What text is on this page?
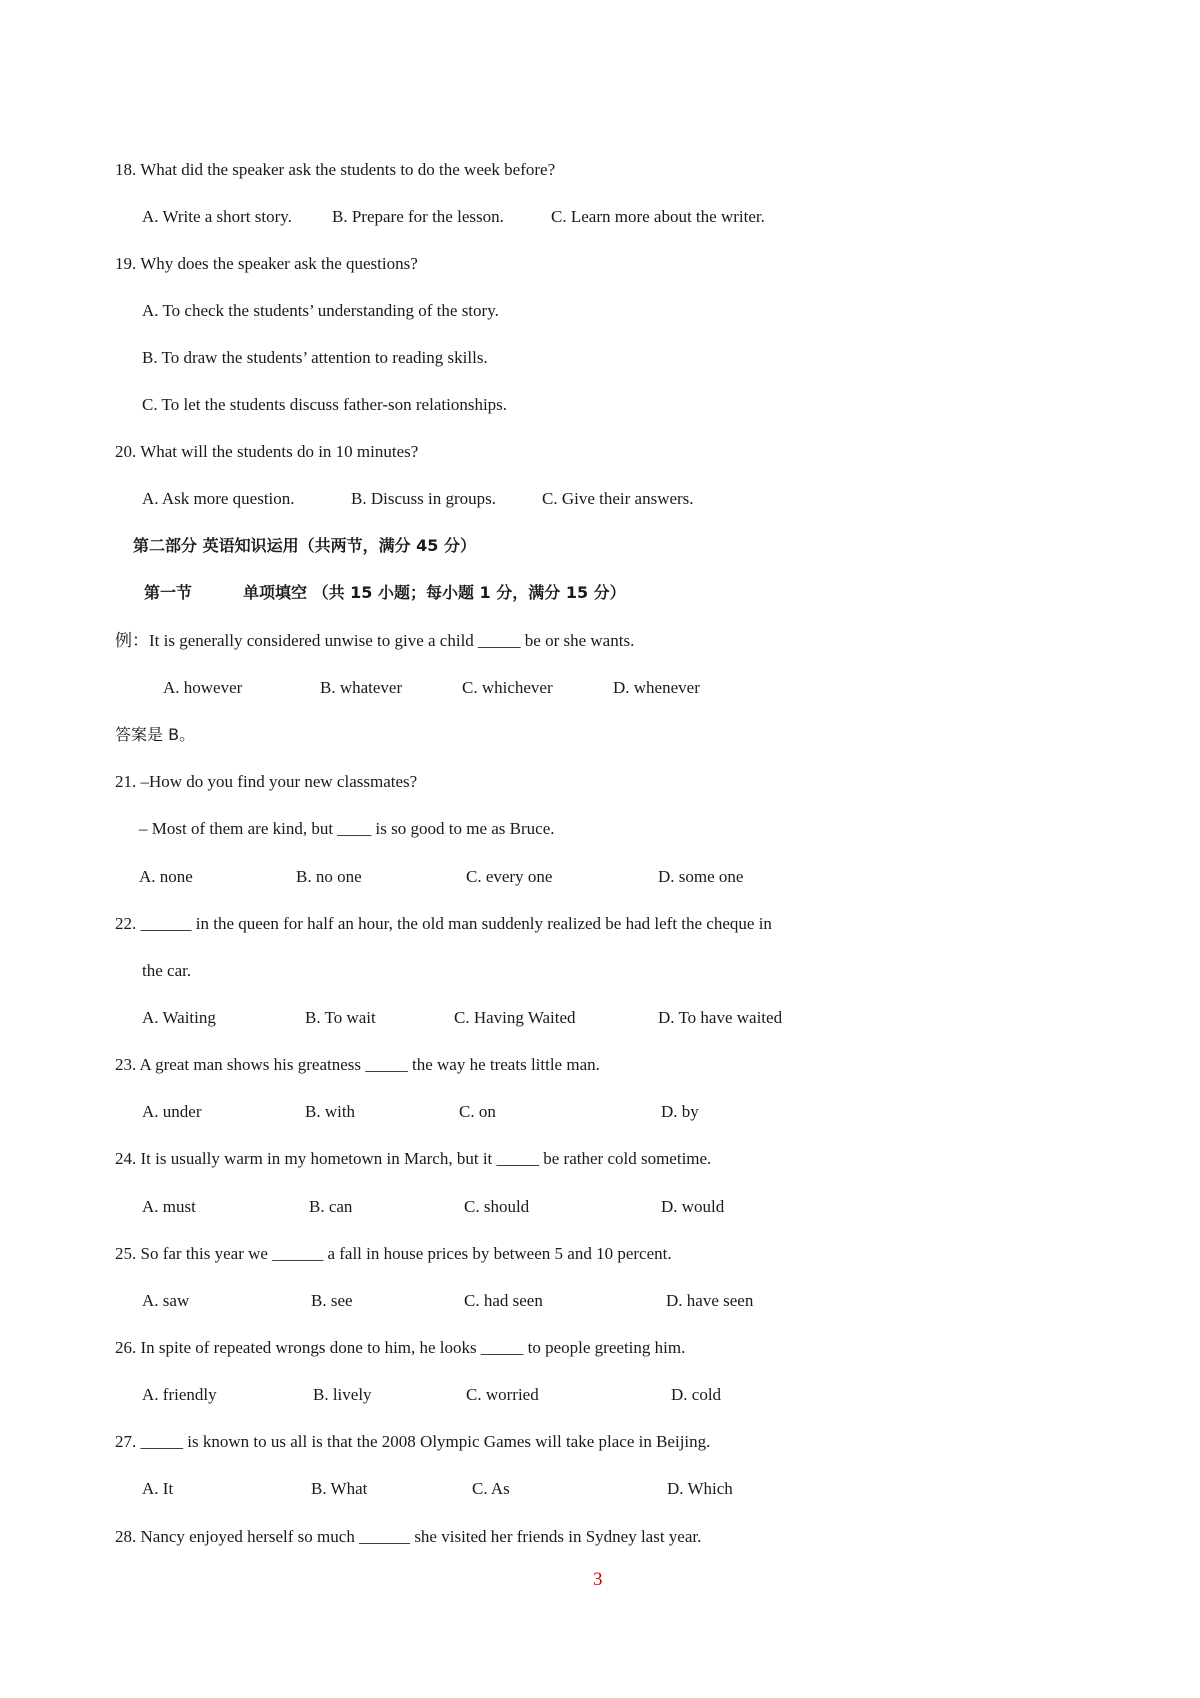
18. What did the speaker ask the students to do the week before?
A. Write a short story. B. Prepare for the lesson.	C. Learn more about the writer.
19. Why does the speaker ask the questions?
A. To check the students’ understanding of the story.
B. To draw the students’ attention to reading skills.
C. To let the students discuss father-son relationships.
20. What will the students do in 10 minutes?
A. Ask more question.	B. Discuss in groups.	C. Give their answers.
第二部分 英语知识运用（共两节，满分 45 分）
第一节	单项填空 （共 15 小题；每小题 1 分，满分 15 分）
例：It is generally considered unwise to give a child _____ be or she wants.
A. however	B. whatever	C. whichever	D. whenever
答案是 B。
21. –How do you find your new classmates?
– Most of them are kind, but ____ is so good to me as Bruce.
A. none	B. no one	C. every one	D. some one
22. ______ in the queen for half an hour, the old man suddenly realized be had left the cheque in
the car.
A. Waiting	B. To wait	C. Having Waited	D. To have waited
23. A great man shows his greatness _____ the way he treats little man.
A. under	B. with	C. on	D. by
24. It is usually warm in my hometown in March, but it _____ be rather cold sometime.
A. must	B. can	C. should	D. would
25. So far this year we ______ a fall in house prices by between 5 and 10 percent.
A. saw	B. see	C. had seen	D. have seen
26. In spite of repeated wrongs done to him, he looks _____ to people greeting him.
A. friendly	B. lively	C. worried	D. cold
27. _____ is known to us all is that the 2008 Olympic Games will take place in Beijing.
A. It	B. What	C. As	D. Which
28. Nancy enjoyed herself so much ______ she visited her friends in Sydney last year.
3
